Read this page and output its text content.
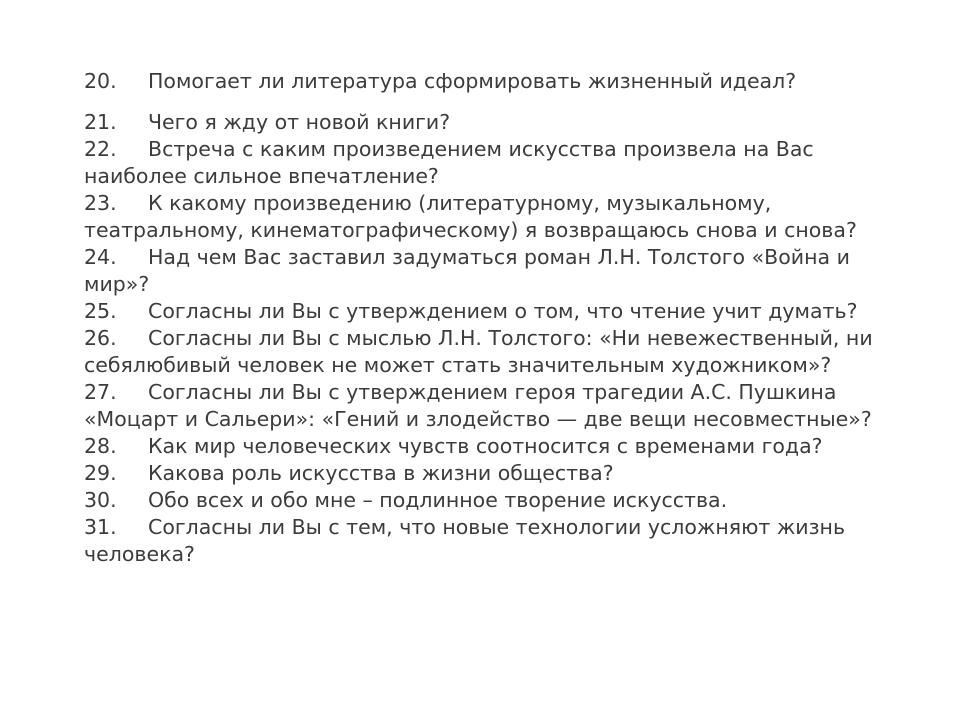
20. Помогает ли литература сформировать жизненный идеал?
21. Чего я жду от новой книги?
22. Встреча с каким произведением искусства произвела на Вас
наиболее сильное впечатление?
23. К какому произведению (литературному, музыкальному,
театральному, кинематографическому) я возвращаюсь снова и снова?
24. Над чем Вас заставил задуматься роман Л.Н. Толстого «Война и
мир»?
25. Согласны ли Вы с утверждением о том, что чтение учит думать?
26. Согласны ли Вы с мыслью Л.Н. Толстого: «Ни невежественный, ни
себялюбивый человек не может стать значительным художником»?
27. Согласны ли Вы с утверждением героя трагедии А.С. Пушкина
«Моцарт и Сальери»: «Гений и злодейство — две вещи несовместные»?
28. Как мир человеческих чувств соотносится с временами года?
29. Какова роль искусства в жизни общества?
30. Обо всех и обо мне – подлинное творение искусства.
31. Согласны ли Вы с тем, что новые технологии усложняют жизнь
человека?
